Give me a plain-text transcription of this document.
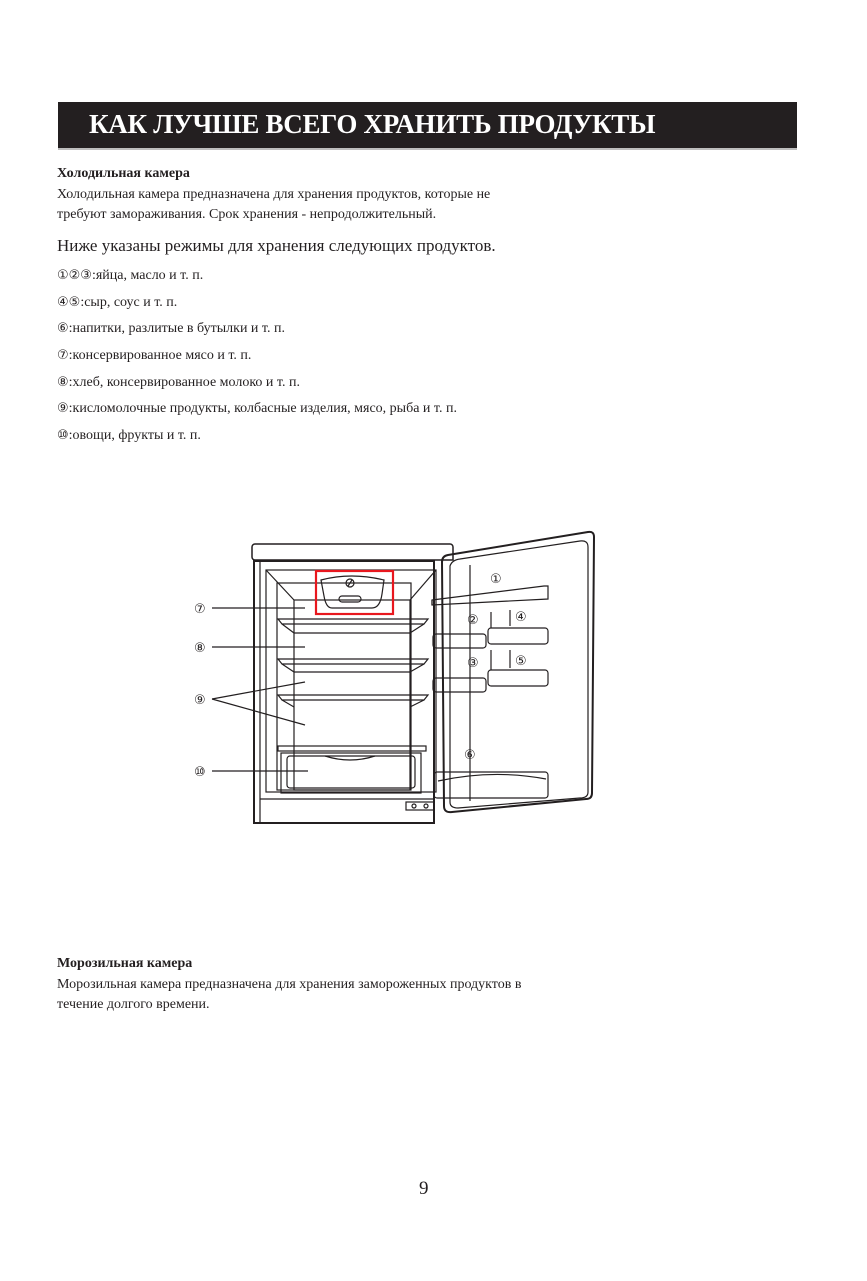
КАК ЛУЧШЕ ВСЕГО ХРАНИТЬ ПРОДУКТЫ
Холодильная камера
Холодильная камера предназначена для хранения продуктов, которые не
требуют замораживания. Срок хранения - непродолжительный.
Ниже указаны режимы для хранения следующих продуктов.
①②③:яйца, масло и т. п.
④⑤:сыр, соус и т. п.
⑥:напитки, разлитые в бутылки и т. п.
⑦:консервированное мясо и т. п.
⑧:хлеб, консервированное молоко и т. п.
⑨:кисломолочные продукты, колбасные изделия, мясо, рыба и т. п.
⑩:овощи, фрукты и т. п.
⑦
⑧
⑨
⑩
①
②	④
③	⑤
⑥
Морозильная камера
Морозильная камера предназначена для хранения замороженных продуктов в
течение долгого времени.
9
